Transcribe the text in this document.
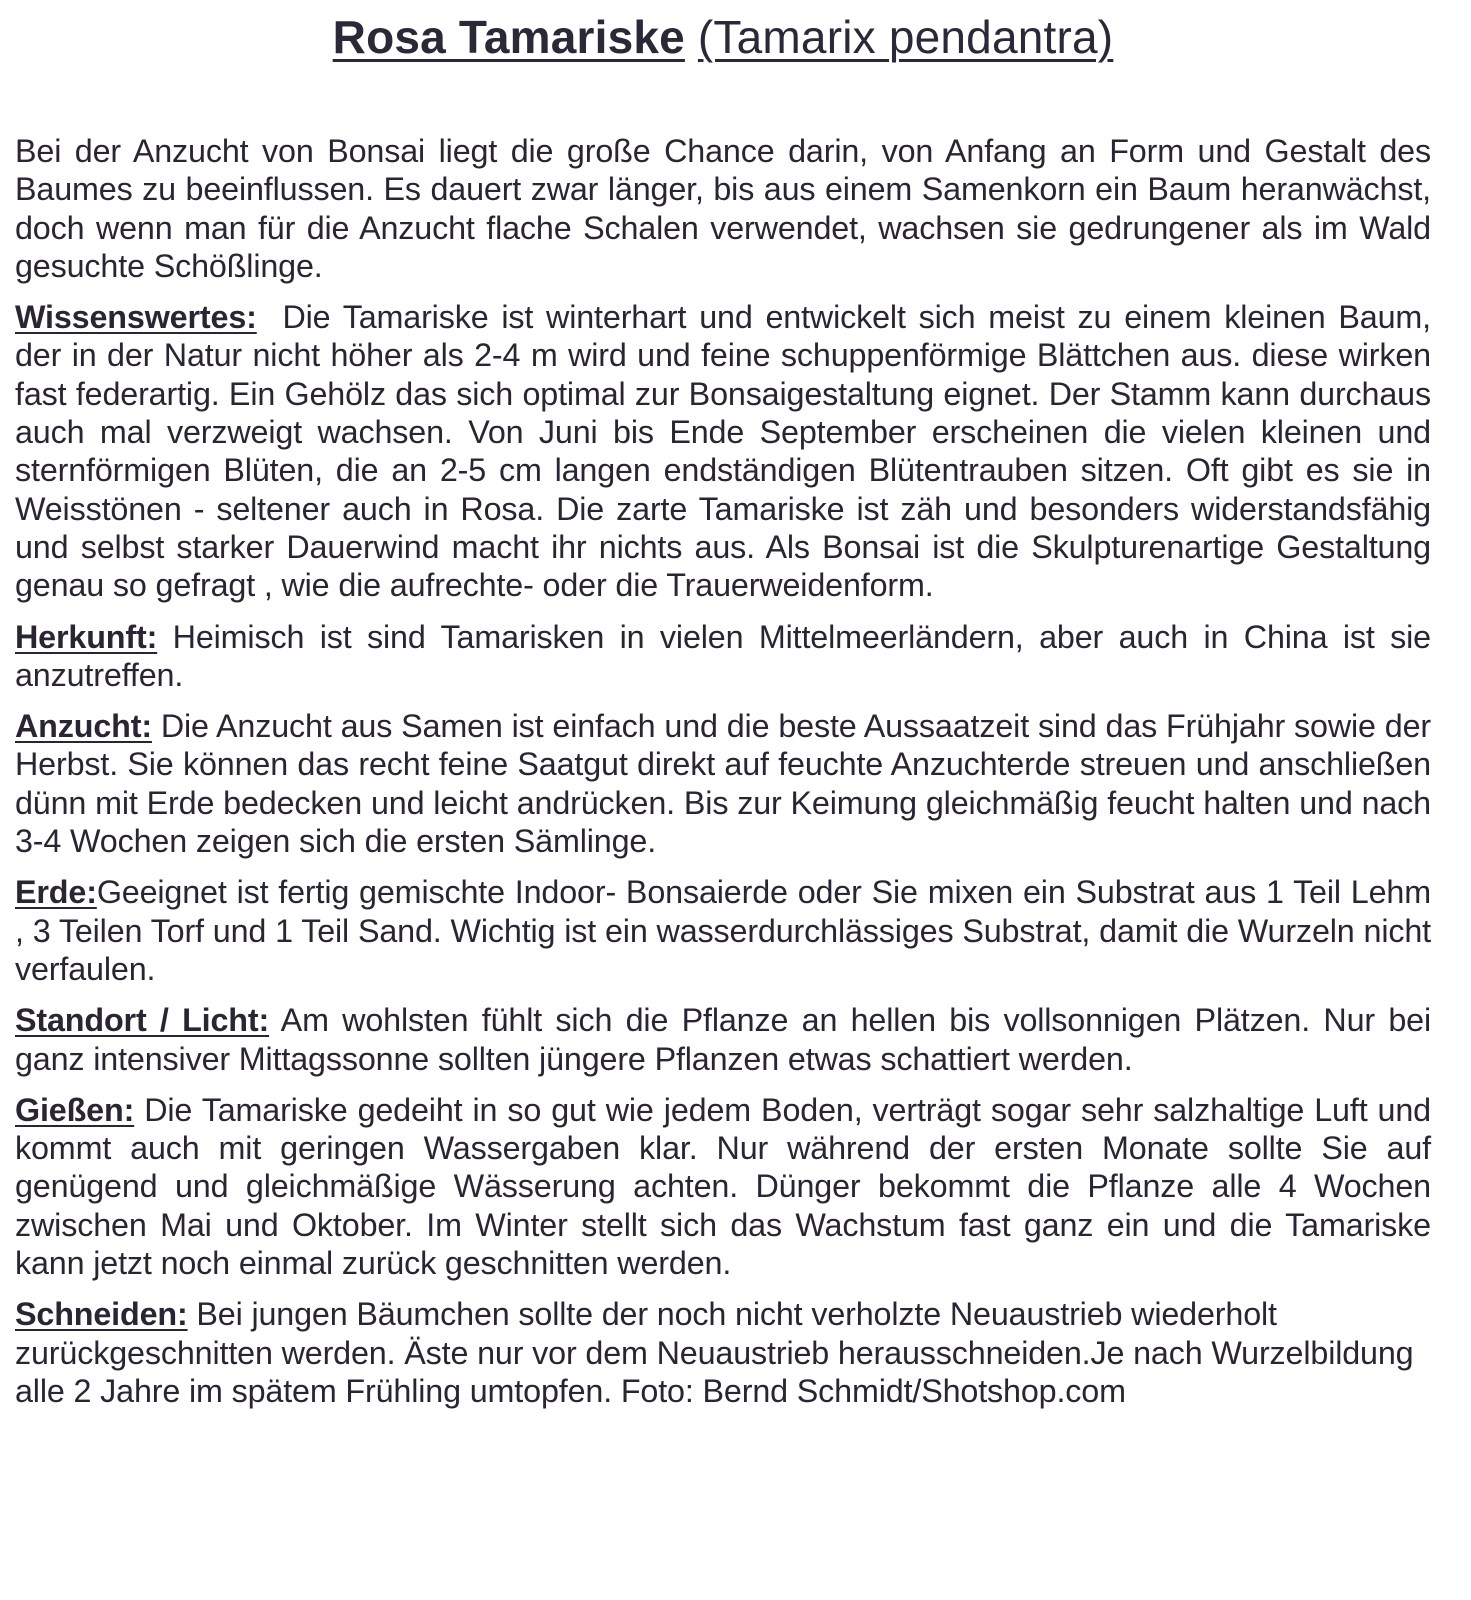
Rosa Tamariske (Tamarix pendantra)

Bei der Anzucht von Bonsai liegt die große Chance darin, von Anfang an Form und Gestalt des Baumes zu beeinflussen. Es dauert zwar länger, bis aus einem Samenkorn ein Baum heranwächst, doch wenn man für die Anzucht flache Schalen verwendet, wachsen sie gedrungener als im Wald gesuchte Schößlinge.

Wissenswertes: Die Tamariske ist winterhart und entwickelt sich meist zu einem kleinen Baum, der in der Natur nicht höher als 2-4 m wird und feine schuppenförmige Blättchen aus. diese wirken fast federartig. Ein Gehölz das sich optimal zur Bonsaigestaltung eignet. Der Stamm kann durchaus auch mal verzweigt wachsen. Von Juni bis Ende September erscheinen die vielen kleinen und sternförmigen Blüten, die an 2-5 cm langen endständigen Blütentrauben sitzen. Oft gibt es sie in Weisstönen - seltener auch in Rosa. Die zarte Tamariske ist zäh und besonders widerstandsfähig und selbst starker Dauerwind macht ihr nichts aus. Als Bonsai ist die Skulpturenartige Gestaltung genau so gefragt , wie die aufrechte- oder die Trauerweidenform.

Herkunft: Heimisch ist sind Tamarisken in vielen Mittelmeerländern, aber auch in China ist sie anzutreffen.

Anzucht: Die Anzucht aus Samen ist einfach und die beste Aussaatzeit sind das Frühjahr sowie der Herbst. Sie können das recht feine Saatgut direkt auf feuchte Anzuchterde streuen und anschließen dünn mit Erde bedecken und leicht andrücken. Bis zur Keimung gleichmäßig feucht halten und nach 3-4 Wochen zeigen sich die ersten Sämlinge.

Erde:Geeignet ist fertig gemischte Indoor- Bonsaierde oder Sie mixen ein Substrat aus 1 Teil Lehm , 3 Teilen Torf und 1 Teil Sand. Wichtig ist ein wasserdurchlässiges Substrat, damit die Wurzeln nicht verfaulen.

Standort / Licht: Am wohlsten fühlt sich die Pflanze an hellen bis vollsonnigen Plätzen. Nur bei ganz intensiver Mittagssonne sollten jüngere Pflanzen etwas schattiert werden.

Gießen: Die Tamariske gedeiht in so gut wie jedem Boden, verträgt sogar sehr salzhaltige Luft und kommt auch mit geringen Wassergaben klar. Nur während der ersten Monate sollte Sie auf genügend und gleichmäßige Wässerung achten. Dünger bekommt die Pflanze alle 4 Wochen zwischen Mai und Oktober. Im Winter stellt sich das Wachstum fast ganz ein und die Tamariske kann jetzt noch einmal zurück geschnitten werden.

Schneiden: Bei jungen Bäumchen sollte der noch nicht verholzte Neuaustrieb wiederholt zurückgeschnitten werden. Äste nur vor dem Neuaustrieb herausschneiden.Je nach Wurzelbildung alle 2 Jahre im spätem Frühling umtopfen. Foto: Bernd Schmidt/Shotshop.com
